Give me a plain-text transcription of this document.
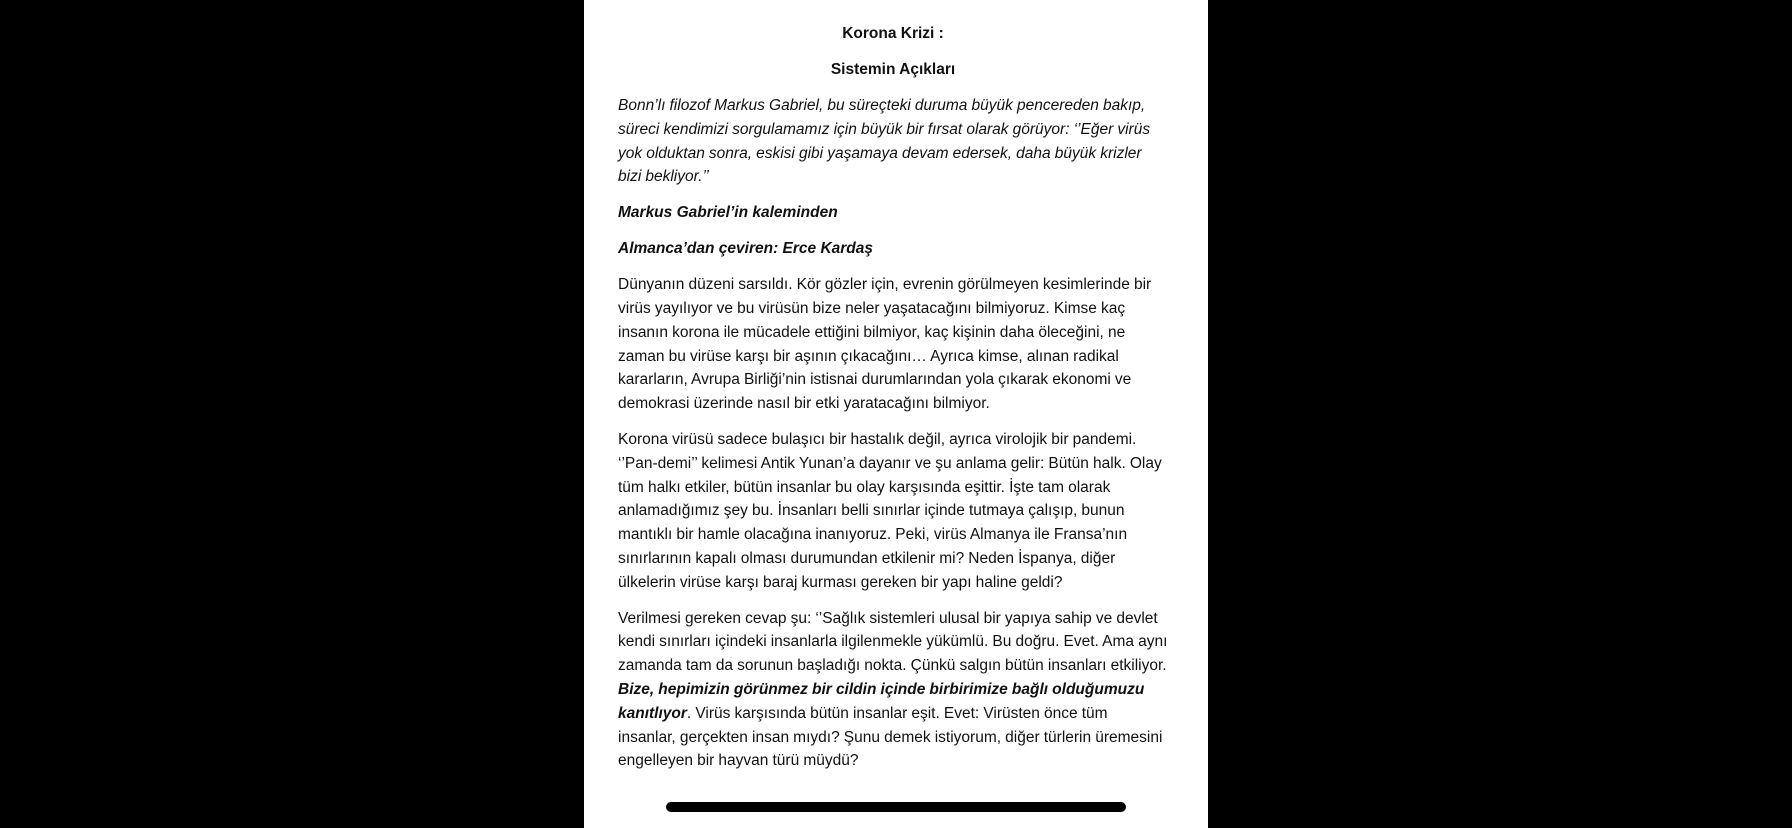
Korona Krizi :

Sistemin Açıkları

Bonn’lı filozof Markus Gabriel, bu süreçteki duruma büyük pencereden bakıp, süreci kendimizi sorgulamamız için büyük bir fırsat olarak görüyor: ‘’Eğer virüs yok olduktan sonra, eskisi gibi yaşamaya devam edersek, daha büyük krizler bizi bekliyor.’’

Markus Gabriel’in kaleminden

Almanca’dan çeviren: Erce Kardaş

Dünyanın düzeni sarsıldı. Kör gözler için, evrenin görülmeyen kesimlerinde bir virüs yayılıyor ve bu virüsün bize neler yaşatacağını bilmiyoruz. Kimse kaç insanın korona ile mücadele ettiğini bilmiyor, kaç kişinin daha öleceğini, ne zaman bu virüse karşı bir aşının çıkacağını… Ayrıca kimse, alınan radikal kararların, Avrupa Birliği’nin istisnai durumlarından yola çıkarak ekonomi ve demokrasi üzerinde nasıl bir etki yaratacağını bilmiyor.

Korona virüsü sadece bulaşıcı bir hastalık değil, ayrıca virolojik bir pandemi. ‘’Pan-demi’’ kelimesi Antik Yunan’a dayanır ve şu anlama gelir: Bütün halk. Olay tüm halkı etkiler, bütün insanlar bu olay karşısında eşittir. İşte tam olarak anlamadığımız şey bu. İnsanları belli sınırlar içinde tutmaya çalışıp, bunun mantıklı bir hamle olacağına inanıyoruz. Peki, virüs Almanya ile Fransa’nın sınırlarının kapalı olması durumundan etkilenir mi? Neden İspanya, diğer ülkelerin virüse karşı baraj kurması gereken bir yapı haline geldi?

Verilmesi gereken cevap şu: ‘’Sağlık sistemleri ulusal bir yapıya sahip ve devlet kendi sınırları içindeki insanlarla ilgilenmekle yükümlü. Bu doğru. Evet. Ama aynı zamanda tam da sorunun başladığı nokta. Çünkü salgın bütün insanları etkiliyor. Bize, hepimizin görünmez bir cildin içinde birbirimize bağlı olduğumuzu kanıtlıyor. Virüs karşısında bütün insanlar eşit. Evet: Virüsten önce tüm insanlar, gerçekten insan mıydı? Şunu demek istiyorum, diğer türlerin üremesini engelleyen bir hayvan türü müydü?
